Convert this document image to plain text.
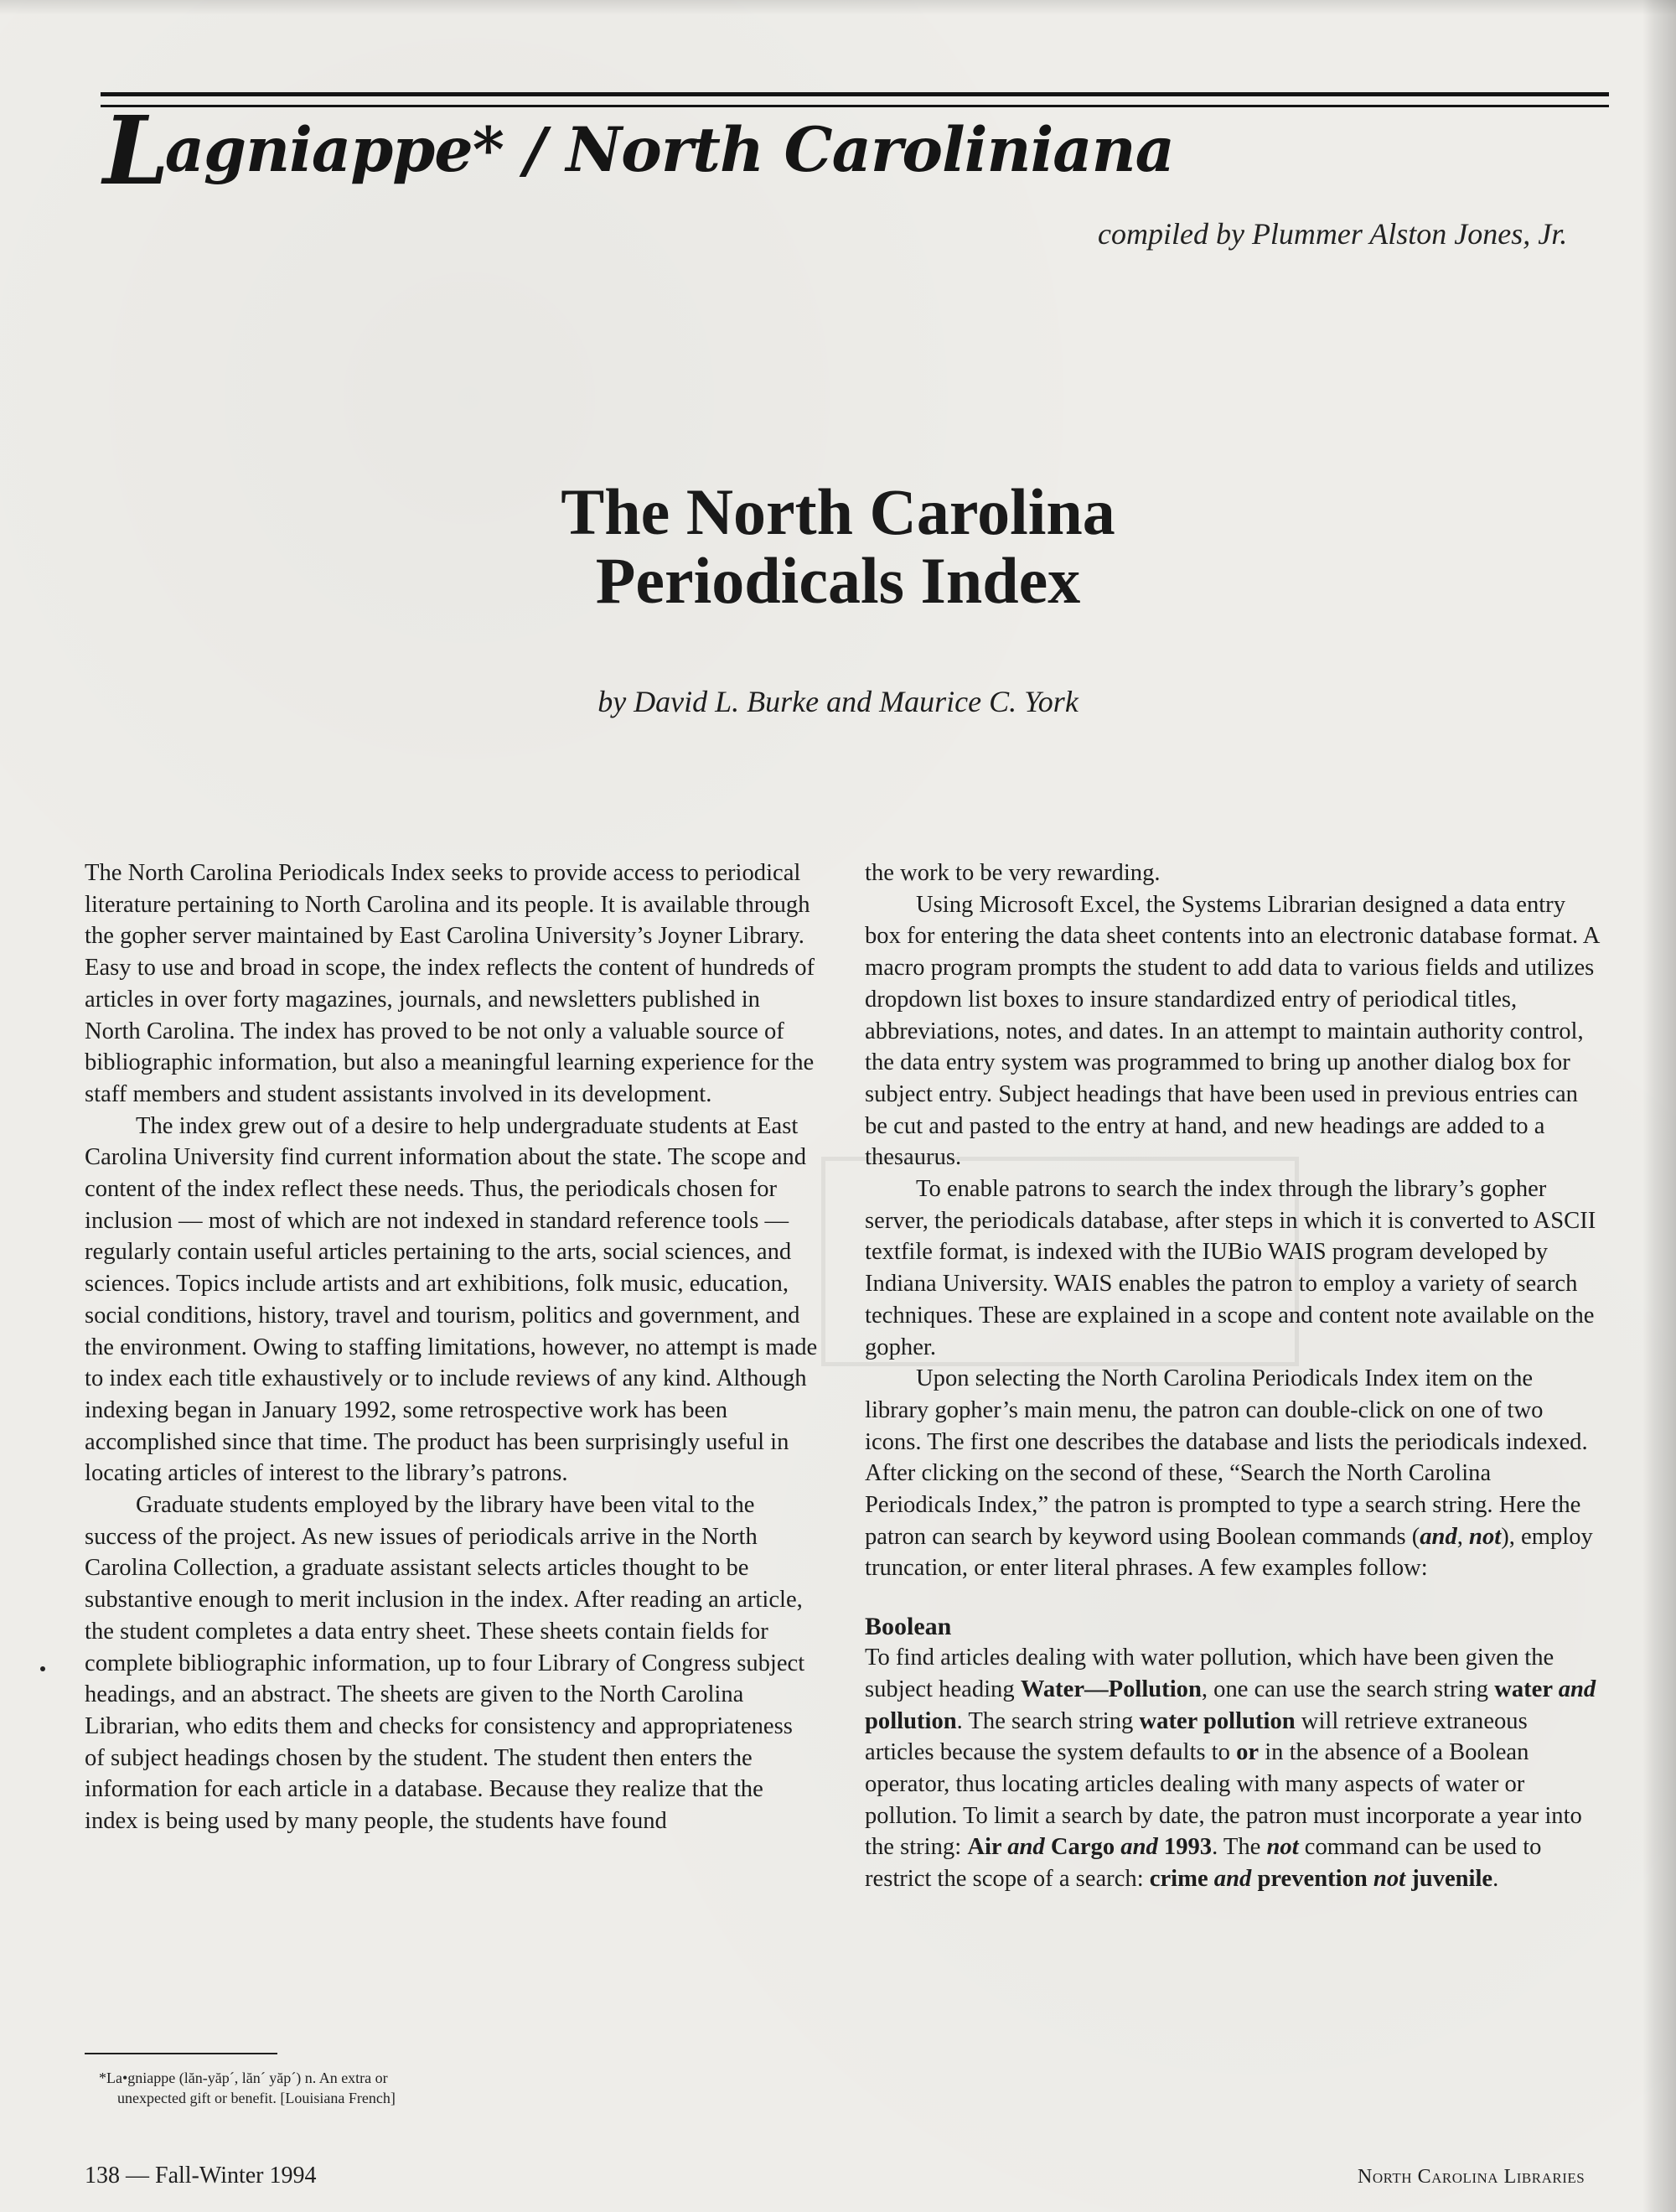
Lagniappe* / North Caroliniana
compiled by Plummer Alston Jones, Jr.
The North Carolina
Periodicals Index
by David L. Burke and Maurice C. York

The North Carolina Periodicals Index seeks to provide access to periodical literature pertaining to North Carolina and its people. It is available through the gopher server maintained by East Carolina University’s Joyner Library. Easy to use and broad in scope, the index reflects the content of hundreds of articles in over forty magazines, journals, and newsletters published in North Carolina. The index has proved to be not only a valuable source of bibliographic information, but also a meaningful learning experience for the staff members and student assistants involved in its development.

The index grew out of a desire to help undergraduate students at East Carolina University find current information about the state. The scope and content of the index reflect these needs. Thus, the periodicals chosen for inclusion — most of which are not indexed in standard reference tools — regularly contain useful articles pertaining to the arts, social sciences, and sciences. Topics include artists and art exhibitions, folk music, education, social conditions, history, travel and tourism, politics and government, and the environment. Owing to staffing limitations, however, no attempt is made to index each title exhaustively or to include reviews of any kind. Although indexing began in January 1992, some retrospective work has been accomplished since that time. The product has been surprisingly useful in locating articles of interest to the library’s patrons.

Graduate students employed by the library have been vital to the success of the project. As new issues of periodicals arrive in the North Carolina Collection, a graduate assistant selects articles thought to be substantive enough to merit inclusion in the index. After reading an article, the student completes a data entry sheet. These sheets contain fields for complete bibliographic information, up to four Library of Congress subject headings, and an abstract. The sheets are given to the North Carolina Librarian, who edits them and checks for consistency and appropriateness of subject headings chosen by the student. The student then enters the information for each article in a database. Because they realize that the index is being used by many people, the students have found

the work to be very rewarding.

Using Microsoft Excel, the Systems Librarian designed a data entry box for entering the data sheet contents into an electronic database format. A macro program prompts the student to add data to various fields and utilizes dropdown list boxes to insure standardized entry of periodical titles, abbreviations, notes, and dates. In an attempt to maintain authority control, the data entry system was programmed to bring up another dialog box for subject entry. Subject headings that have been used in previous entries can be cut and pasted to the entry at hand, and new headings are added to a thesaurus.

To enable patrons to search the index through the library’s gopher server, the periodicals database, after steps in which it is converted to ASCII textfile format, is indexed with the IUBio WAIS program developed by Indiana University. WAIS enables the patron to employ a variety of search techniques. These are explained in a scope and content note available on the gopher.

Upon selecting the North Carolina Periodicals Index item on the library gopher’s main menu, the patron can double-click on one of two icons. The first one describes the database and lists the periodicals indexed. After clicking on the second of these, “Search the North Carolina Periodicals Index,” the patron is prompted to type a search string. Here the patron can search by keyword using Boolean commands (and, not), employ truncation, or enter literal phrases. A few examples follow:

Boolean

To find articles dealing with water pollution, which have been given the subject heading Water—Pollution, one can use the search string water and pollution. The search string water pollution will retrieve extraneous articles because the system defaults to or in the absence of a Boolean operator, thus locating articles dealing with many aspects of water or pollution. To limit a search by date, the patron must incorporate a year into the string: Air and Cargo and 1993. The not command can be used to restrict the scope of a search: crime and prevention not juvenile.

*La•gniappe (lăn-yăp´, lăn´ yăp´) n. An extra or
unexpected gift or benefit. [Louisiana French]
138 — Fall-Winter 1994	North Carolina Libraries
